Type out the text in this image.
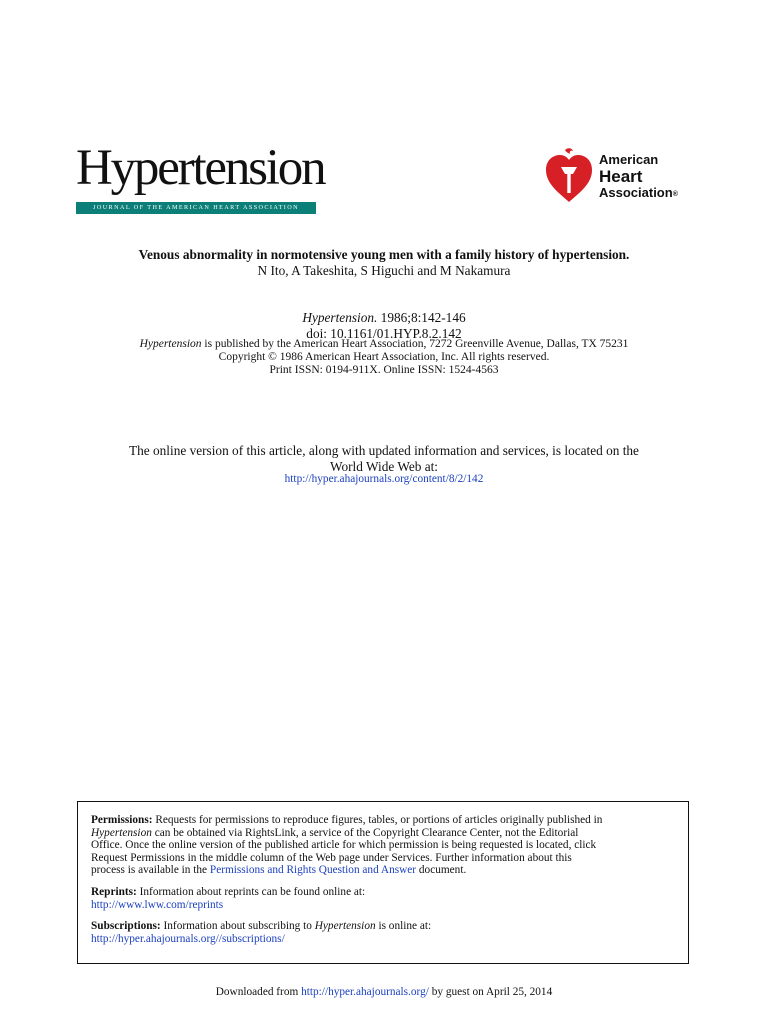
Hypertension
JOURNAL OF THE AMERICAN HEART ASSOCIATION
American
Heart
Association®
Venous abnormality in normotensive young men with a family history of hypertension.
N Ito, A Takeshita, S Higuchi and M Nakamura
Hypertension. 1986;8:142-146
doi: 10.1161/01.HYP.8.2.142
Hypertension is published by the American Heart Association, 7272 Greenville Avenue, Dallas, TX 75231
Copyright © 1986 American Heart Association, Inc. All rights reserved.
Print ISSN: 0194-911X. Online ISSN: 1524-4563
The online version of this article, along with updated information and services, is located on the
World Wide Web at:
http://hyper.ahajournals.org/content/8/2/142

Permissions: Requests for permissions to reproduce figures, tables, or portions of articles originally published in
Hypertension can be obtained via RightsLink, a service of the Copyright Clearance Center, not the Editorial
Office. Once the online version of the published article for which permission is being requested is located, click
Request Permissions in the middle column of the Web page under Services. Further information about this
process is available in the Permissions and Rights Question and Answer document.

Reprints: Information about reprints can be found online at:
http://www.lww.com/reprints

Subscriptions: Information about subscribing to Hypertension is online at:
http://hyper.ahajournals.org//subscriptions/

Downloaded from http://hyper.ahajournals.org/ by guest on April 25, 2014
